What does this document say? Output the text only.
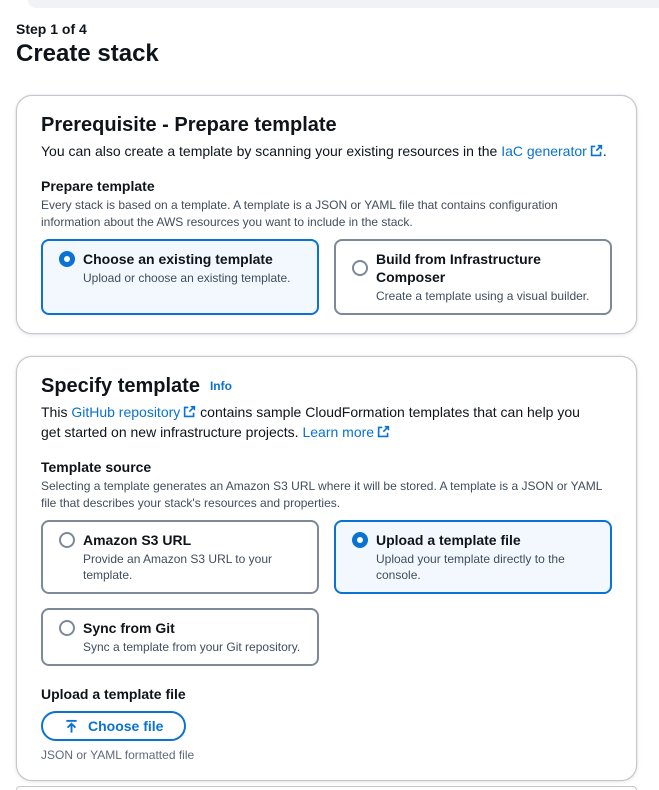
Step 1 of 4
Create stack
Prerequisite - Prepare template

You can also create a template by scanning your existing resources in the IaC generator .

Prepare template
Every stack is based on a template. A template is a JSON or YAML file that contains configuration information about the AWS resources you want to include in the stack.
Choose an existing template
Upload or choose an existing template.
Build from Infrastructure Composer
Create a template using a visual builder.
Specify template Info

This GitHub repository contains sample CloudFormation templates that can help you get started on new infrastructure projects. Learn more

Template source
Selecting a template generates an Amazon S3 URL where it will be stored. A template is a JSON or YAML file that describes your stack's resources and properties.
Amazon S3 URL
Provide an Amazon S3 URL to your template.
Upload a template file
Upload your template directly to the console.
Sync from Git
Sync a template from your Git repository.
Upload a template file
Choose file
JSON or YAML formatted file
